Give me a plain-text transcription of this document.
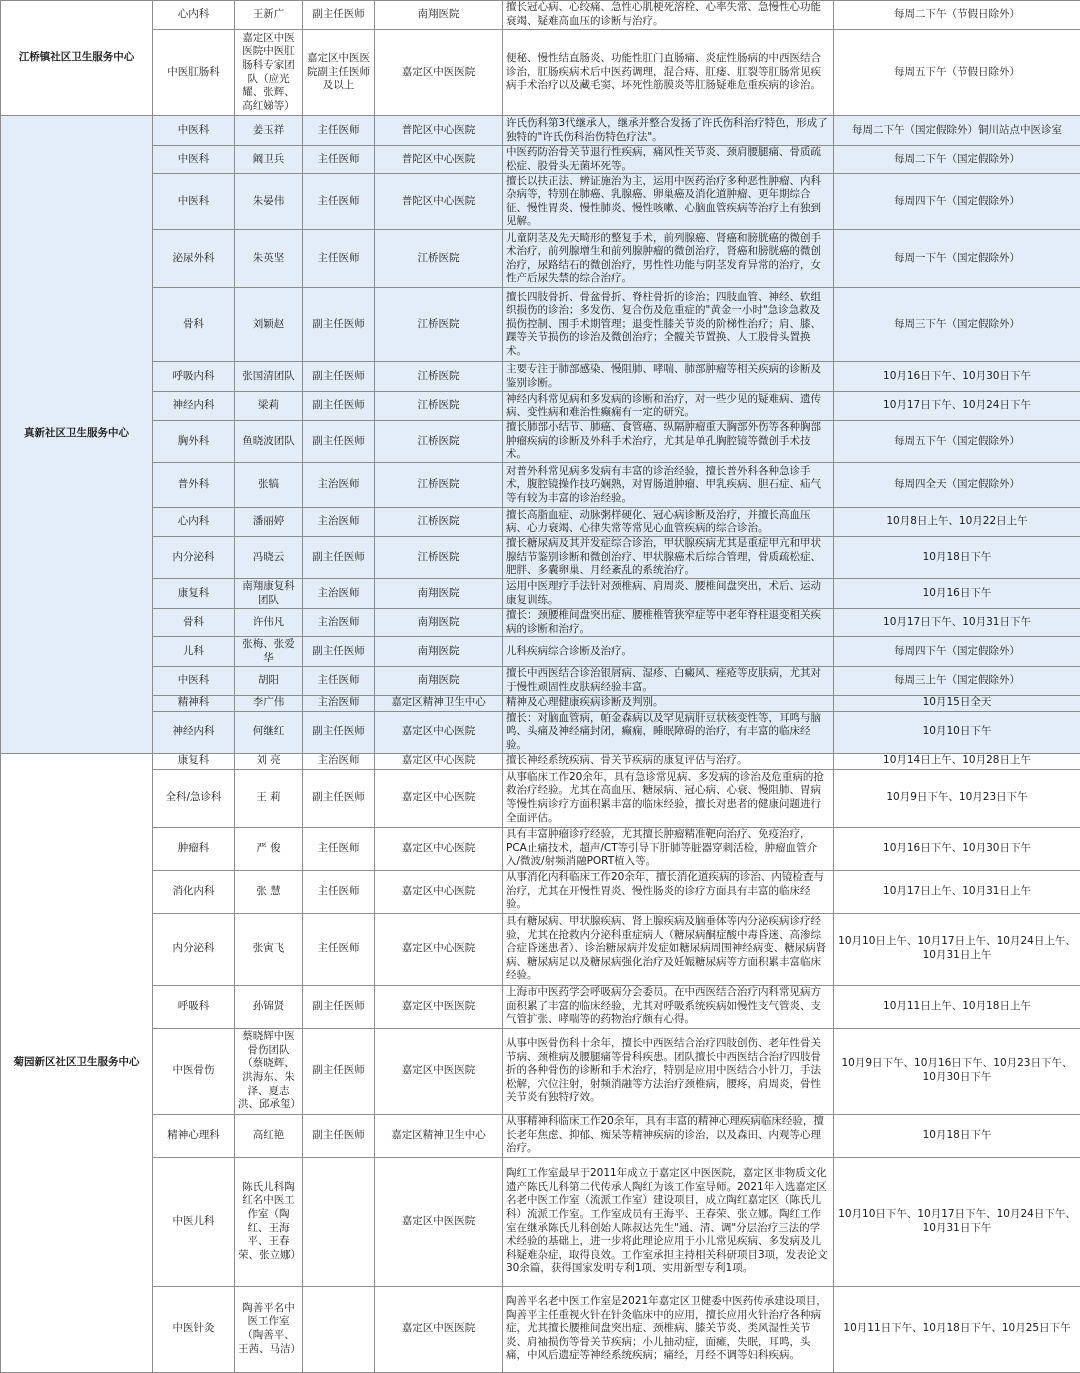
江桥镇社区卫生服务中心	心内科	王新广	副主任医师	南翔医院	擅长冠心病、心绞痛、急性心肌梗死溶栓、心率失常、急慢性心功能衰竭、疑难高血压的诊断与治疗。	每周二下午（节假日除外）
	中医肛肠科	嘉定区中医医院中医肛肠科专家团队（应光耀、张辉、高红娣等）	嘉定区中医医院副主任医师及以上	嘉定区中医医院	便秘、慢性结直肠炎、功能性肛门直肠痛、炎症性肠病的中西医结合诊治，肛肠疾病术后中医药调理，混合痔、肛瘘、肛裂等肛肠常见疾病手术治疗以及藏毛窦、坏死性筋膜炎等肛肠疑难危重疾病的诊治。	每周五下午（节假日除外）
真新社区卫生服务中心	中医科	姜玉祥	主任医师	普陀区中心医院	许氏伤科第3代继承人，继承并整合发扬了许氏伤科治疗特色，形成了独特的"许氏伤科治伤特色疗法"。	每周二下午（国定假除外）铜川站点中医诊室
	中医科	阚卫兵	主任医师	普陀区中心医院	中医药防治骨关节退行性疾病，痛风性关节炎、颈肩腰腿痛、骨质疏松症、股骨头无菌坏死等。	每周二下午（国定假除外）
	中医科	朱晏伟	主任医师	普陀区中心医院	擅长以扶正法、辨证施治为主，运用中医药治疗多种恶性肿瘤、内科杂病等，特别在肺癌、乳腺癌、卵巢癌及消化道肿瘤、更年期综合征、慢性胃炎、慢性肺炎、慢性咳嗽、心脑血管疾病等治疗上有独到见解。	每周四下午（国定假除外）
	泌尿外科	朱英坚	主任医师	江桥医院	儿童阴茎及先天畸形的整复手术，前列腺癌、肾癌和膀胱癌的微创手术治疗，前列腺增生和前列腺肿瘤的微创治疗，肾癌和膀胱癌的微创治疗，尿路结石的微创治疗，男性性功能与阴茎发育异常的治疗，女性产后尿失禁的综合治疗。	每周一下午（国定假除外）
	骨科	刘颖赵	副主任医师	江桥医院	擅长四肢骨折、骨盆骨折、脊柱骨折的诊治；四肢血管、神经、软组织损伤的诊治；多发伤、复合伤及危重症的"黄金一小时"急诊急救及损伤控制、围手术期管理；退变性膝关节炎的阶梯性治疗；肩、膝、踝等关节损伤的诊治及微创治疗；全髋关节置换、人工股骨头置换术。	每周三下午（国定假除外）
	呼吸内科	张国清团队	副主任医师	江桥医院	主要专注于肺部感染、慢阻肺、哮喘、肺部肿瘤等相关疾病的诊断及鉴别诊断。	10月16日下午、10月30日下午
	神经内科	梁莉	副主任医师	江桥医院	神经内科常见病和多发病的诊断和治疗，对一些少见的疑难病、遗传病、变性病和难治性癫痫有一定的研究。	10月17日下午、10月24日下午
	胸外科	鱼晓波团队	副主任医师	江桥医院	擅长肺部小结节、肺癌、食管癌、纵隔肿瘤重大胸部外伤等各种胸部肿瘤疾病的诊断及外科手术治疗，尤其是单孔胸腔镜等微创手术技术。	每周五下午（国定假除外）
	普外科	张犒	主治医师	江桥医院	对普外科常见病多发病有丰富的诊治经验，擅长普外科各种急诊手术，腹腔镜操作技巧娴熟，对胃肠道肿瘤、甲乳疾病、胆石症、疝气等有较为丰富的诊治经验。	每周四全天（国定假除外）
	心内科	潘丽婷	主治医师	江桥医院	擅长高脂血症、动脉粥样硬化、冠心病诊断及治疗，并擅长高血压病、心力衰竭、心律失常等常见心血管疾病的综合诊治。	10月8日上午、10月22日上午
	内分泌科	冯晓云	副主任医师	江桥医院	擅长糖尿病及其并发症综合诊治，甲状腺疾病尤其是重症甲亢和甲状腺结节鉴别诊断和微创治疗、甲状腺癌术后综合管理，骨质疏松症、肥胖、多囊卵巢、月经紊乱的系统治疗。	10月18日下午
	康复科	南翔康复科团队	主治医师	南翔医院	运用中医理疗手法针对颈椎病、肩周炎、腰椎间盘突出，术后、运动康复训练。	10月16日下午
	骨科	许伟凡	主治医师	南翔医院	擅长：颈腰椎间盘突出症、腰椎椎管狭窄症等中老年脊柱退变相关疾病的诊断和治疗。	10月17日下午、10月31日下午
	儿科	张梅、张爱华	副主任医师	南翔医院	儿科疾病综合诊断及治疗。	每周四下午（国定假除外）
	中医科	胡阳	主任医师	南翔医院	擅长中西医结合诊治银屑病、湿疹、白癜风、痤疮等皮肤病，尤其对于慢性顽固性皮肤病经验丰富。	每周三上午（国定假除外）
	精神科	李广伟	主治医师	嘉定区精神卫生中心	精神及心理健康疾病诊断及判别。	10月15日全天
	神经内科	何继红	副主任医师	嘉定区中心医院	擅长：对脑血管病，帕金森病以及罕见病肝豆状核变性等，耳鸣与脑鸣、头痛及神经痛封闭，癫痫，睡眠障碍的治疗，有丰富的临床经验。	10月10日下午
菊园新区社区卫生服务中心	康复科	刘 亮	主治医师	嘉定区中心医院	擅长神经系统疾病、骨关节疾病的康复评估与治疗。	10月14日上午、10月28日上午
	全科/急诊科	王 莉	副主任医师	嘉定区中心医院	从事临床工作20余年，具有急诊常见病、多发病的诊治及危重病的抢救治疗经验。尤其在高血压、糖尿病、冠心病、心衰、慢阻肺、胃病等慢性病诊疗方面积累丰富的临床经验，擅长对患者的健康问题进行全面评估。	10月9日下午、10月23日下午
	肿瘤科	严 俊	主任医师	嘉定区中心医院	具有丰富肿瘤诊疗经验，尤其擅长肿瘤精准靶向治疗、免疫治疗，PCA止痛技术，超声/CT等引导下肝肺等脏器穿刺活检，肿瘤血管介入/微波/射频消融PORT植入等。	10月16日下午、10月30日下午
	消化内科	张 慧	主任医师	嘉定区中心医院	从事消化内科临床工作20余年，擅长消化道疾病的诊治、内镜检查与治疗，尤其在开慢性胃炎、慢性肠炎的诊疗方面具有丰富的临床经验。	10月17日上午、10月31日上午
	内分泌科	张寅飞	主任医师	嘉定区中心医院	具有糖尿病、甲状腺疾病、肾上腺疾病及脑垂体等内分泌疾病诊疗经验，尤其在抢救内分泌科重症病人（糖尿病酮症酸中毒昏迷、高渗综合症昏迷患者）、诊治糖尿病并发症如糖尿病周围神经病变、糖尿病肾病、糖尿病足以及糖尿病强化治疗及妊娠糖尿病等方面积累丰富临床经验。	10月10日上午、10月17日上午、10月24日上午、10月31日上午
	呼吸科	孙锦贤	副主任医师	嘉定区中医医院	上海市中医药学会呼吸病分会委员。在中西医结合治疗内科常见病方面积累了丰富的临床经验，尤其对呼吸系统疾病如慢性支气管炎、支气管扩张、哮喘等的药物治疗颇有心得。	10月11日上午、10月18日上午
	中医骨伤	蔡晓辉中医骨伤团队（蔡晓辉、洪海东、朱泽、夏志洪、邱承玺）	副主任医师	嘉定区中医医院	从事中医骨伤科十余年，擅长中西医结合治疗四肢创伤、老年性骨关节病、颈椎病及腰腿痛等骨科疾患。团队擅长中西医结合治疗四肢骨折的各种骨伤的诊断和手术治疗，特别是应用中医结合小针刀，手法松解，穴位注射，射频消融等方法治疗颈椎病，腰疼，肩周炎，骨性关节炎有独特疗效。	10月9日下午、10月16日下午、10月23日下午、10月30日下午
	精神心理科	高红艳	副主任医师	嘉定区精神卫生中心	从事精神科临床工作20余年，具有丰富的精神心理疾病临床经验，擅长老年焦虑、抑郁、痴呆等精神疾病的诊治，以及森田、内观等心理治疗。	10月18日下午
	中医儿科	陈氏儿科陶红名中医工作室（陶红、王海平、王春荣、张立娜）		嘉定区中医医院	陶红工作室最早于2011年成立于嘉定区中医医院，嘉定区非物质文化遗产陈氏儿科第二代传承人陶红为该工作室导师。2021年入选嘉定区名老中医工作室（流派工作室）建设项目，成立陶红嘉定区（陈氏儿科）流派工作室。工作室成员有王海平、王春荣、张立娜。陶红工作室在继承陈氏儿科创始人陈叔达先生"通、清、调"分层治疗三法的学术经验的基础上，进一步将此理论应用于小儿常见疾病、多发病及儿科疑难杂症，取得良效。工作室承担主持相关科研项目3项，发表论文30余篇，获得国家发明专利1项、实用新型专利1项。	10月10日下午、10月17日下午、10月24日下午、10月31日下午
	中医针灸	陶善平名中医工作室（陶善平、王茜、马洁）		嘉定区中医医院	陶善平名老中医工作室是2021年嘉定区卫健委中医药传承建设项目，陶善平主任重视火针在针灸临床中的应用，擅长应用火针治疗各种病症，尤其擅长腰椎间盘突出症、颈椎病、膝关节炎、类风湿性关节炎、肩袖损伤等骨关节疾病；小儿抽动症，面瘫，失眠，耳鸣，头痛，中风后遗症等神经系统疾病；痛经，月经不调等妇科疾病。	10月11日下午、10月18日下午、10月25日下午
